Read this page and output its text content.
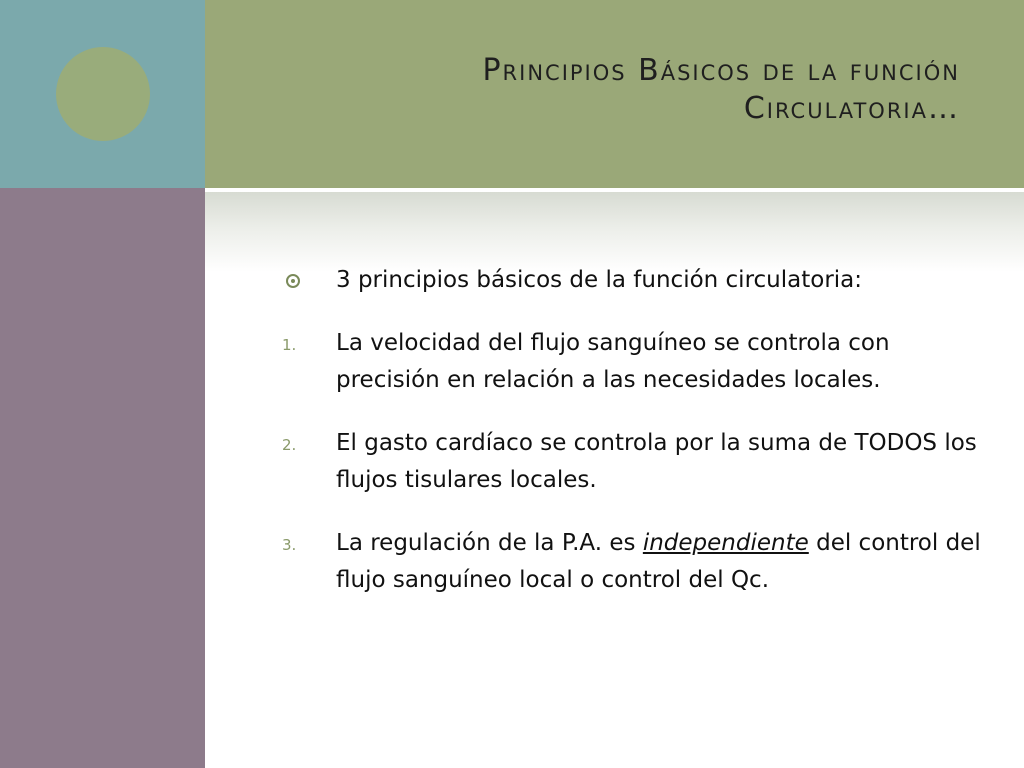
Principios Básicos de la función
Circulatoria…
3 principios básicos de la función circulatoria:
1.	La velocidad del flujo sanguíneo se controla con precisión en relación a las necesidades locales.
2.	El gasto cardíaco se controla por la suma de TODOS los flujos tisulares locales.
3.	La regulación de la P.A. es independiente del control del flujo sanguíneo local o control del Qc.
